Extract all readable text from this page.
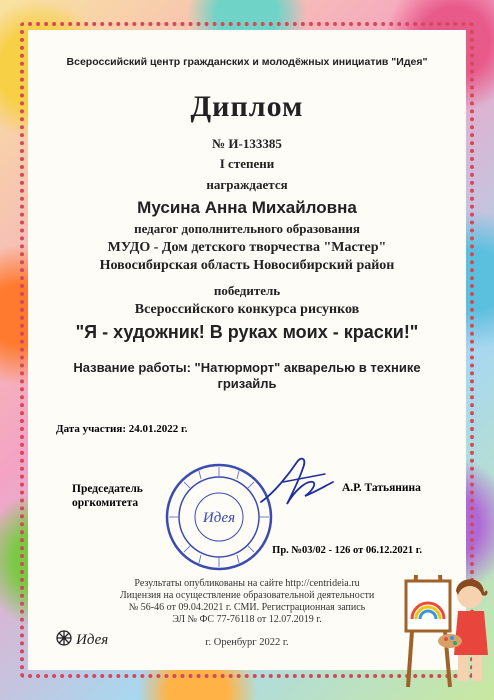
Всероссийский центр гражданских и молодёжных инициатив "Идея"
Диплом
№ И-133385
I степени
награждается
Мусина Анна Михайловна
педагог дополнительного образования
МУДО - Дом детского творчества "Мастер"
Новосибирская область Новосибирский район
победитель
Всероссийского конкурса рисунков
"Я - художник! В руках моих - краски!"
Название работы: "Натюрморт" акварелью в технике
гризайль
Дата участия: 24.01.2022 г.
Председатель
оргкомитета
Идея
А.Р. Татьянина
Пр. №03/02 - 126 от 06.12.2021 г.
Результаты опубликованы на сайте http://centrideia.ru
Лицензия на осуществление образовательной деятельности
№ 56-46 от 09.04.2021 г. СМИ. Регистрационная запись
ЭЛ № ФС 77-76118 от 12.07.2019 г.
г. Оренбург 2022 г.
Идея
